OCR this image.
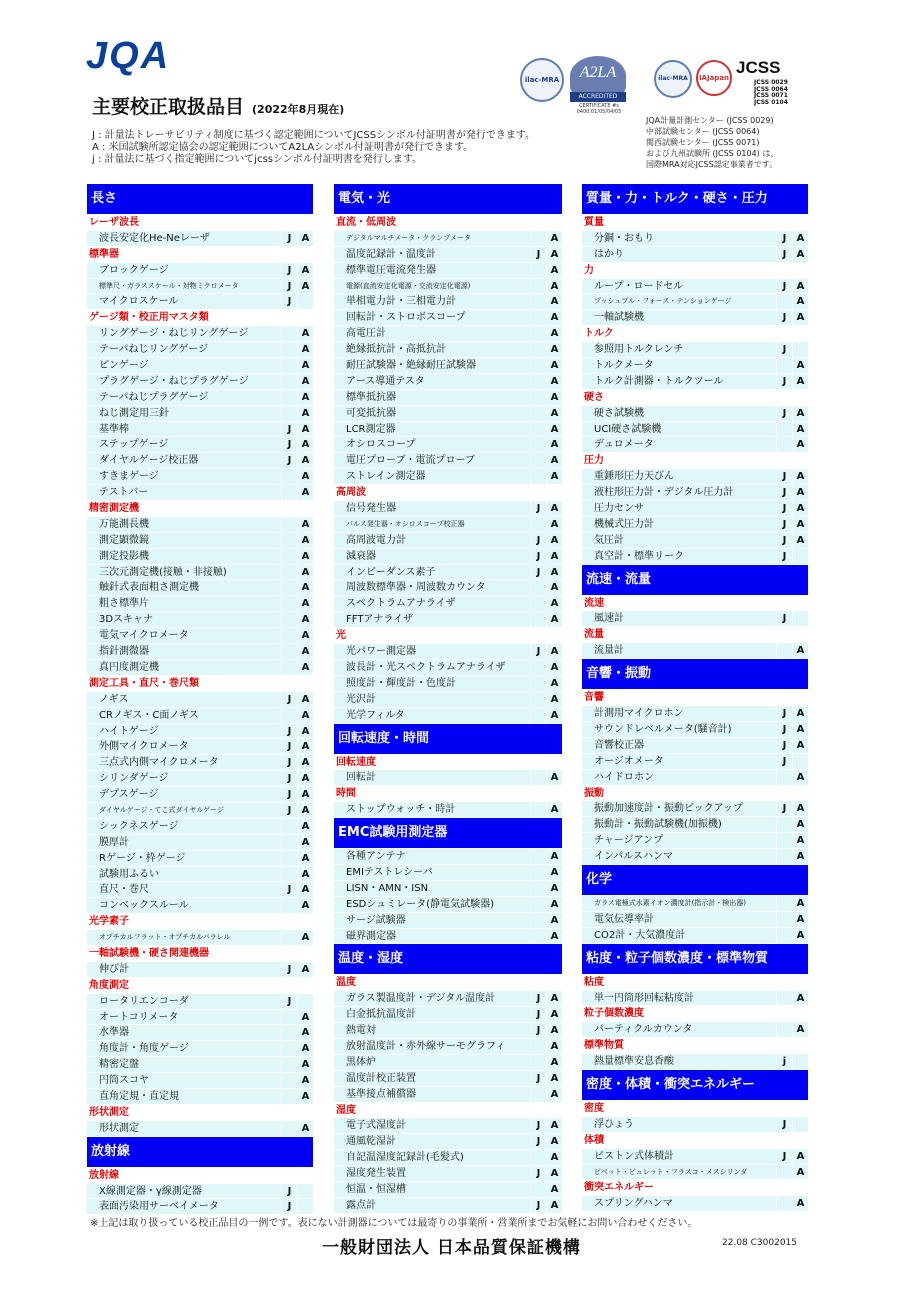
JQA
主要校正取扱品目 (2022年8月現在)
ilac-MRA	A2LA
ACCREDITED
CERTIFICATE #s 0400.01/05/04/05
ilac-MRA	IAJapan
JCSS
JCSS 0029
JCSS 0064
JCSS 0071
JCSS 0104
JQA計量計測センター (JCSS 0029)
中部試験センター (JCSS 0064)
関西試験センター (JCSS 0071)
および九州試験所 (JCSS 0104) は、
国際MRA対応JCSS認定事業者です。
J : 計量法トレーサビリティ制度に基づく認定範囲についてJCSSシンボル付証明書が発行できます。
A : 米国試験所認定協会の認定範囲についてA2LAシンボル付証明書が発行できます。
j : 計量法に基づく指定範囲についてjcssシンボル付証明書を発行します。
長さ
レーザ波長
波長安定化He-Neレーザ	J	A
標準器
ブロックゲージ	J	A
標準尺・ガラススケール・対物ミクロメータ	J	A
マイクロスケール	J
ゲージ類・校正用マスタ類
リングゲージ・ねじリングゲージ	A
テーパねじリングゲージ	A
ピンゲージ	A
プラグゲージ・ねじプラグゲージ	A
テーパねじプラグゲージ	A
ねじ測定用三針	A
基準棒	J	A
ステップゲージ	J	A
ダイヤルゲージ校正器	J	A
すきまゲージ	A
テストバー	A
精密測定機
万能測長機	A
測定顕微鏡	A
測定投影機	A
三次元測定機(接触・非接触)	A
触針式表面粗さ測定機	A
粗さ標準片	A
3Dスキャナ	A
電気マイクロメータ	A
指針測微器	A
真円度測定機	A
測定工具・直尺・巻尺類
ノギス	J	A
CRノギス・C面ノギス	A
ハイトゲージ	J	A
外側マイクロメータ	J	A
三点式内側マイクロメータ	J	A
シリンダゲージ	J	A
デプスゲージ	J	A
ダイヤルゲージ・てこ式ダイヤルゲージ	J	A
シックネスゲージ	A
膜厚計	A
Rゲージ・枠ゲージ	A
試験用ふるい	A
直尺・巻尺	J	A
コンベックスルール	A
光学素子
オプチカルフラット・オプチカルパラレル	A
一軸試験機・硬さ関連機器
伸び計	J	A
角度測定
ロータリエンコーダ	J
オートコリメータ	A
水準器	A
角度計・角度ゲージ	A
精密定盤	A
円筒スコヤ	A
直角定規・直定規	A
形状測定
形状測定	A
放射線
放射線
X線測定器・γ線測定器	J
表面汚染用サーベイメータ	J
電気・光
直流・低周波
デジタルマルチメータ・クランプメータ	A
温度記録計・温度計	J	A
標準電圧電流発生器	A
電源(直流安定化電源・交流安定化電源)	A
単相電力計・三相電力計	A
回転計・ストロボスコープ	A
高電圧計	A
絶縁抵抗計・高抵抗計	A
耐圧試験器・絶縁耐圧試験器	A
アース導通テスタ	A
標準抵抗器	A
可変抵抗器	A
LCR測定器	A
オシロスコープ	A
電圧プローブ・電流プローブ	A
ストレイン測定器	A
高周波
信号発生器	J	A
パルス発生器・オシロスコープ校正器	A
高周波電力計	J	A
減衰器	J	A
インピーダンス素子	J	A
周波数標準器・周波数カウンタ	A
スペクトラムアナライザ	A
FFTアナライザ	A
光
光パワー測定器	J	A
波長計・光スペクトラムアナライザ	A
照度計・輝度計・色度計	A
光沢計	A
光学フィルタ	A
回転速度・時間
回転速度
回転計	A
時間
ストップウォッチ・時計	A
EMC試験用測定器
各種アンテナ	A
EMIテストレシーバ	A
LISN・AMN・ISN	A
ESDシュミレータ(静電気試験器)	A
サージ試験器	A
磁界測定器	A
温度・湿度
温度
ガラス製温度計・デジタル温度計	J	A
白金抵抗温度計	J	A
熱電対	J	A
放射温度計・赤外線サーモグラフィ	A
黒体炉	A
温度計校正装置	J	A
基準接点補償器	A
湿度
電子式湿度計	J	A
通風乾湿計	J	A
自記温湿度記録計(毛髪式)	A
湿度発生装置	J	A
恒温・恒湿槽	A
露点計	J	A
質量・力・トルク・硬さ・圧力
質量
分銅・おもり	J	A
はかり	J	A
力
ループ・ロードセル	J	A
プッシュプル・フォース・テンションゲージ	A
一軸試験機	J	A
トルク
参照用トルクレンチ	J
トルクメータ	A
トルク計測器・トルクツール	J	A
硬さ
硬さ試験機	J	A
UCI硬さ試験機	A
デュロメータ	A
圧力
重錘形圧力天びん	J	A
液柱形圧力計・デジタル圧力計	J	A
圧力センサ	J	A
機械式圧力計	J	A
気圧計	J	A
真空計・標準リーク	J
流速・流量
流速
風速計	J
流量
流量計	A
音響・振動
音響
計測用マイクロホン	J	A
サウンドレベルメータ(騒音計)	J	A
音響校正器	J	A
オージオメータ	J
ハイドロホン	A
振動
振動加速度計・振動ピックアップ	J	A
振動計・振動試験機(加振機)	A
チャージアンプ	A
インパルスハンマ	A
化学
ガラス電極式水素イオン濃度計(指示計・検出器)	A
電気伝導率計	A
CO2計・大気濃度計	A
粘度・粒子個数濃度・標準物質
粘度
単一円筒形回転粘度計	A
粒子個数濃度
パーティクルカウンタ	A
標準物質
熱量標準安息香酸	j
密度・体積・衝突エネルギー
密度
浮ひょう	J
体積
ピストン式体積計	J	A
ピペット・ビュレット・フラスコ・メスシリンダ	A
衝突エネルギー
スプリングハンマ	A
※上記は取り扱っている校正品目の一例です。表にない計測器については最寄りの事業所・営業所までお気軽にお問い合わせください。
一般財団法人 日本品質保証機構	22.08 C3002015
